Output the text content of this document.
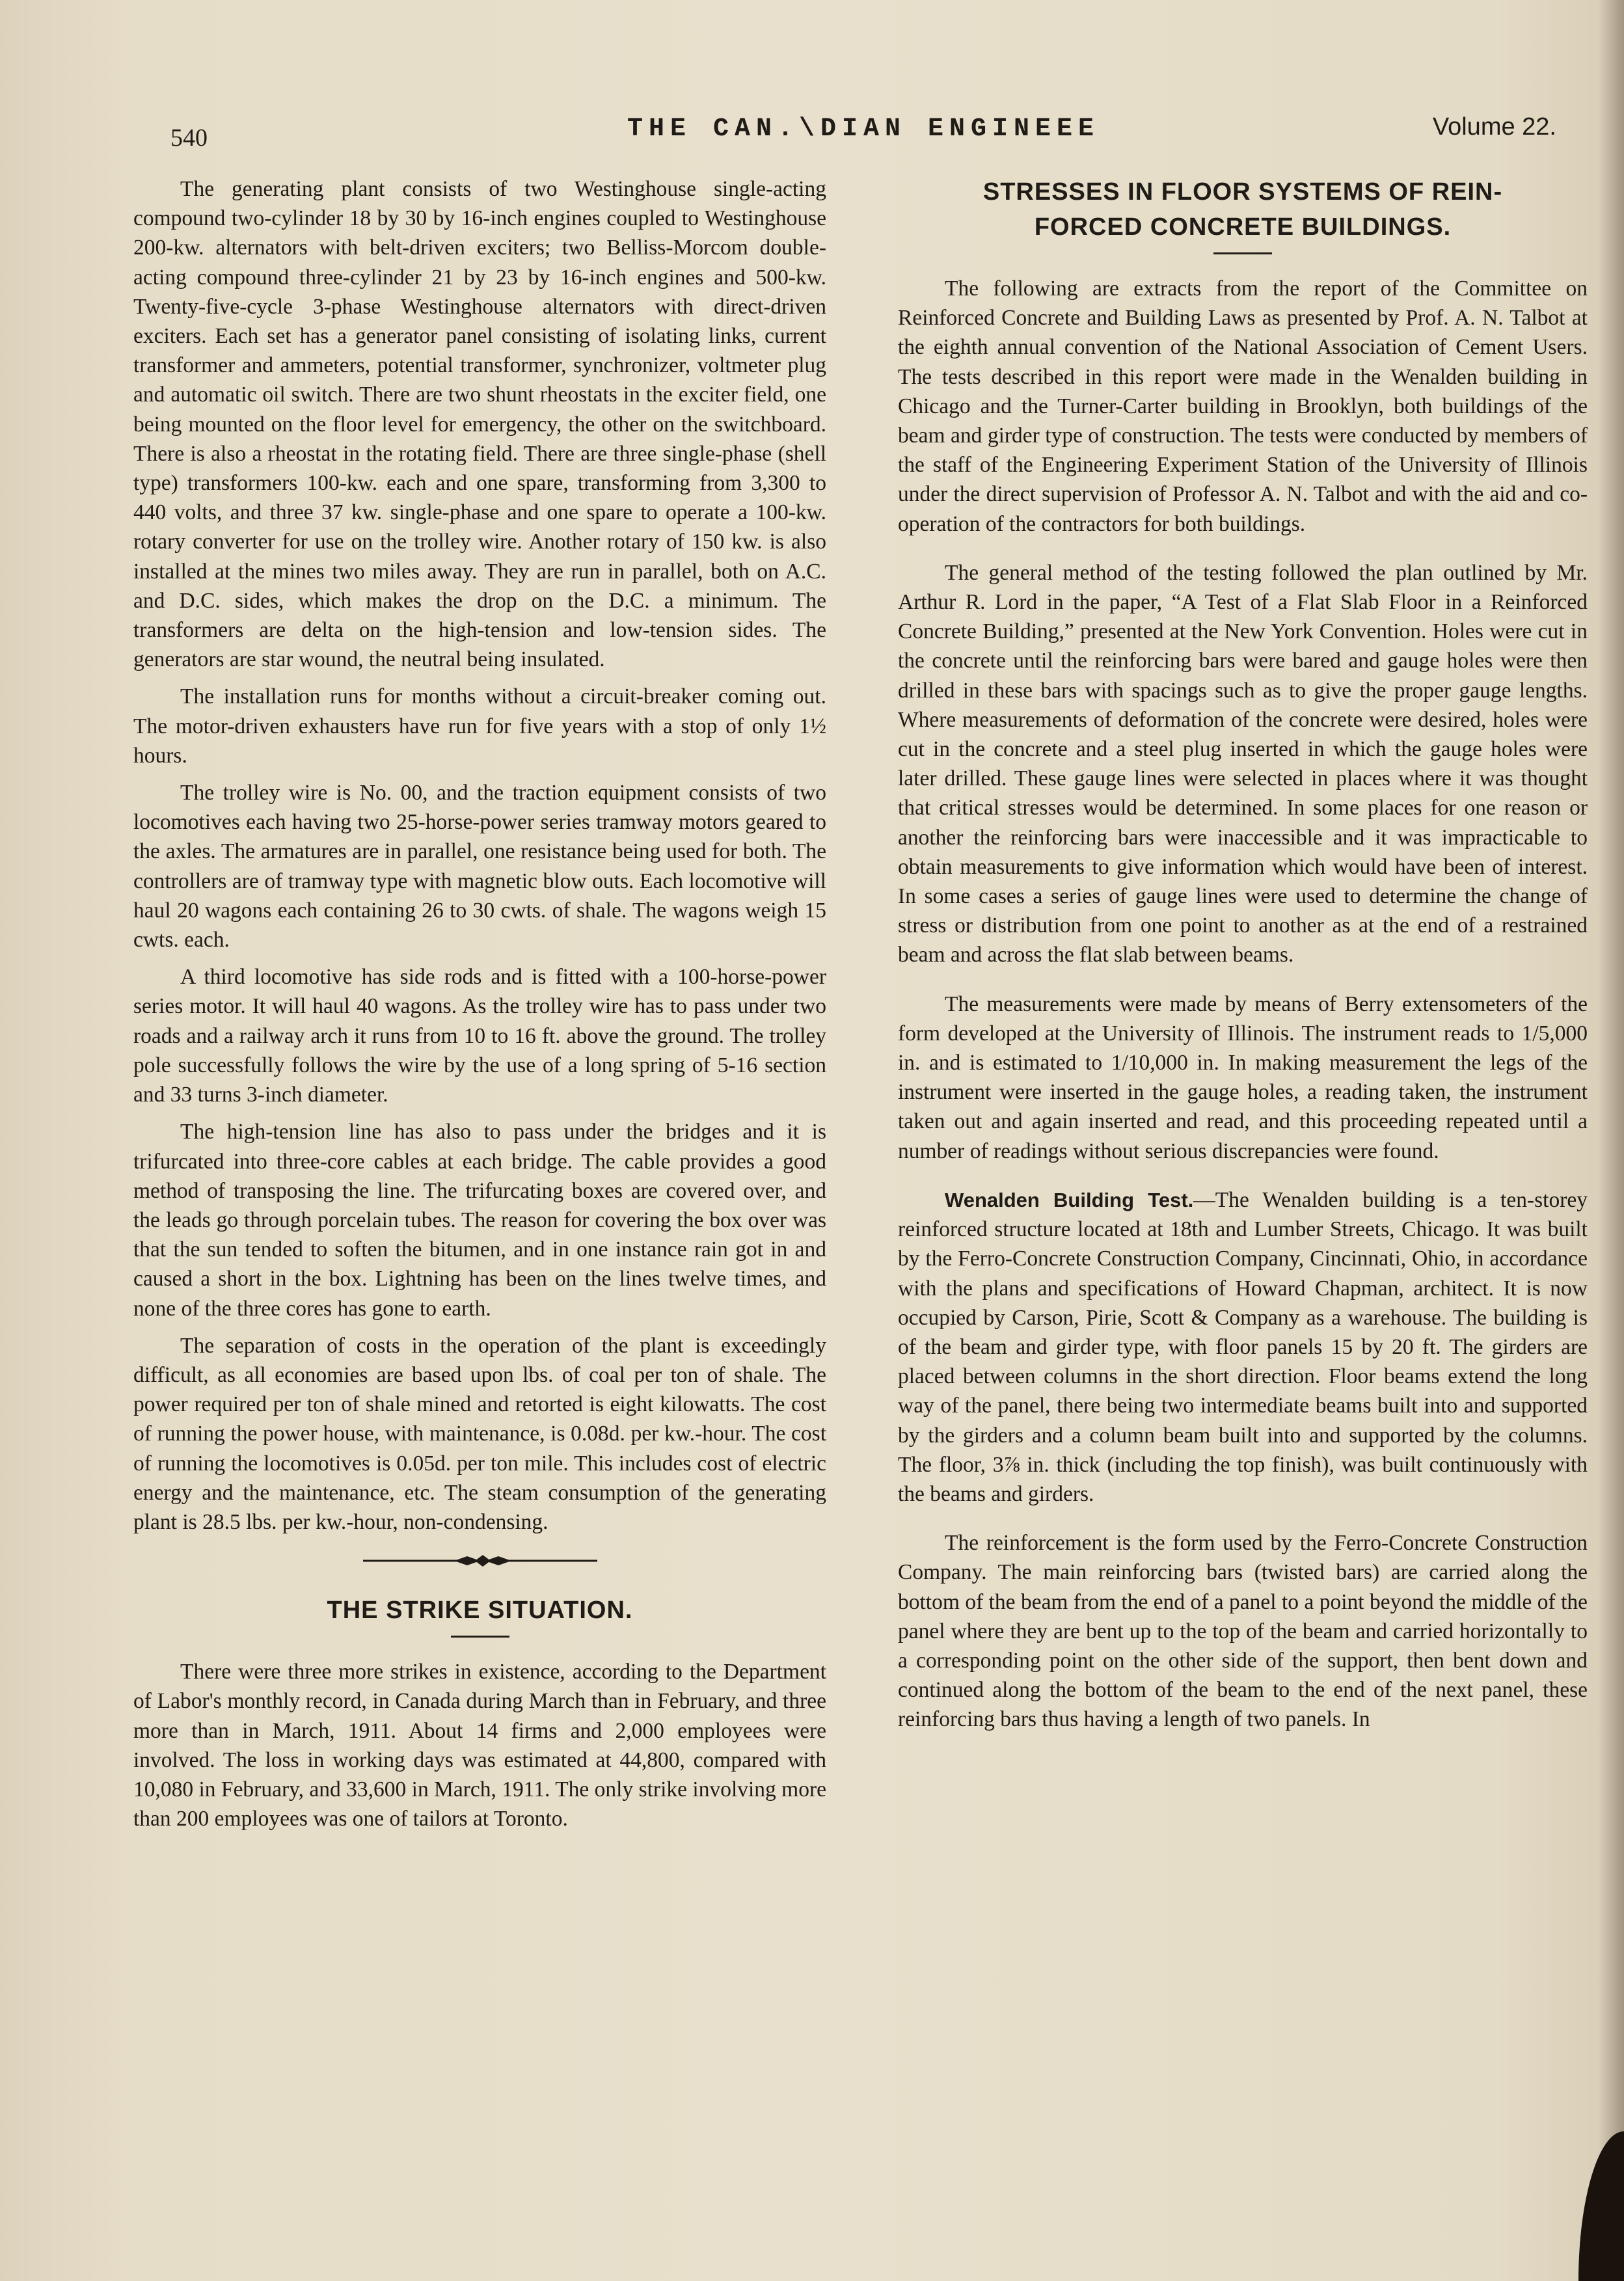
540	THE CAN.\DIAN ENGINEEE	Volume 22.

The generating plant consists of two Westinghouse single-acting compound two-cylinder 18 by 30 by 16-inch engines coupled to Westinghouse 200-kw. alternators with belt-driven exciters; two Belliss-Morcom double-acting compound three-cylinder 21 by 23 by 16-inch engines and 500-kw. Twenty-five-cycle 3-phase Westinghouse alternators with direct-driven exciters. Each set has a generator panel consisting of isolating links, current transformer and ammeters, potential transformer, synchronizer, voltmeter plug and automatic oil switch. There are two shunt rheostats in the exciter field, one being mounted on the floor level for emergency, the other on the switchboard. There is also a rheostat in the rotating field. There are three single-phase (shell type) transformers 100-kw. each and one spare, transforming from 3,300 to 440 volts, and three 37 kw. single-phase and one spare to operate a 100-kw. rotary converter for use on the trolley wire. Another rotary of 150 kw. is also installed at the mines two miles away. They are run in parallel, both on A.C. and D.C. sides, which makes the drop on the D.C. a minimum. The transformers are delta on the high-tension and low-tension sides. The generators are star wound, the neutral being insulated.

The installation runs for months without a circuit-breaker coming out. The motor-driven exhausters have run for five years with a stop of only 1½ hours.

The trolley wire is No. 00, and the traction equipment consists of two locomotives each having two 25-horse-power series tramway motors geared to the axles. The armatures are in parallel, one resistance being used for both. The controllers are of tramway type with magnetic blow outs. Each locomotive will haul 20 wagons each containing 26 to 30 cwts. of shale. The wagons weigh 15 cwts. each.

A third locomotive has side rods and is fitted with a 100-horse-power series motor. It will haul 40 wagons. As the trolley wire has to pass under two roads and a railway arch it runs from 10 to 16 ft. above the ground. The trolley pole successfully follows the wire by the use of a long spring of 5-16 section and 33 turns 3-inch diameter.

The high-tension line has also to pass under the bridges and it is trifurcated into three-core cables at each bridge. The cable provides a good method of transposing the line. The trifurcating boxes are covered over, and the leads go through porcelain tubes. The reason for covering the box over was that the sun tended to soften the bitumen, and in one instance rain got in and caused a short in the box. Lightning has been on the lines twelve times, and none of the three cores has gone to earth.

The separation of costs in the operation of the plant is exceedingly difficult, as all economies are based upon lbs. of coal per ton of shale. The power required per ton of shale mined and retorted is eight kilowatts. The cost of running the power house, with maintenance, is 0.08d. per kw.-hour. The cost of running the locomotives is 0.05d. per ton mile. This includes cost of electric energy and the maintenance, etc. The steam consumption of the generating plant is 28.5 lbs. per kw.-hour, non-condensing.

THE STRIKE SITUATION.

There were three more strikes in existence, according to the Department of Labor's monthly record, in Canada during March than in February, and three more than in March, 1911. About 14 firms and 2,000 employees were involved. The loss in working days was estimated at 44,800, compared with 10,080 in February, and 33,600 in March, 1911. The only strike involving more than 200 employees was one of tailors at Toronto.

STRESSES IN FLOOR SYSTEMS OF REIN-
FORCED CONCRETE BUILDINGS.

The following are extracts from the report of the Committee on Reinforced Concrete and Building Laws as presented by Prof. A. N. Talbot at the eighth annual convention of the National Association of Cement Users. The tests described in this report were made in the Wenalden building in Chicago and the Turner-Carter building in Brooklyn, both buildings of the beam and girder type of construction. The tests were conducted by members of the staff of the Engineering Experiment Station of the University of Illinois under the direct supervision of Professor A. N. Talbot and with the aid and co-operation of the contractors for both buildings.

The general method of the testing followed the plan outlined by Mr. Arthur R. Lord in the paper, “A Test of a Flat Slab Floor in a Reinforced Concrete Building,” presented at the New York Convention. Holes were cut in the concrete until the reinforcing bars were bared and gauge holes were then drilled in these bars with spacings such as to give the proper gauge lengths. Where measurements of deformation of the concrete were desired, holes were cut in the concrete and a steel plug inserted in which the gauge holes were later drilled. These gauge lines were selected in places where it was thought that critical stresses would be determined. In some places for one reason or another the reinforcing bars were inaccessible and it was impracticable to obtain measurements to give information which would have been of interest. In some cases a series of gauge lines were used to determine the change of stress or distribution from one point to another as at the end of a restrained beam and across the flat slab between beams.

The measurements were made by means of Berry extensometers of the form developed at the University of Illinois. The instrument reads to 1/5,000 in. and is estimated to 1/10,000 in. In making measurement the legs of the instrument were inserted in the gauge holes, a reading taken, the instrument taken out and again inserted and read, and this proceeding repeated until a number of readings without serious discrepancies were found.

Wenalden Building Test.—The Wenalden building is a ten-storey reinforced structure located at 18th and Lumber Streets, Chicago. It was built by the Ferro-Concrete Construction Company, Cincinnati, Ohio, in accordance with the plans and specifications of Howard Chapman, architect. It is now occupied by Carson, Pirie, Scott & Company as a warehouse. The building is of the beam and girder type, with floor panels 15 by 20 ft. The girders are placed between columns in the short direction. Floor beams extend the long way of the panel, there being two intermediate beams built into and supported by the girders and a column beam built into and supported by the columns. The floor, 3⅞ in. thick (including the top finish), was built continuously with the beams and girders.

The reinforcement is the form used by the Ferro-Concrete Construction Company. The main reinforcing bars (twisted bars) are carried along the bottom of the beam from the end of a panel to a point beyond the middle of the panel where they are bent up to the top of the beam and carried horizontally to a corresponding point on the other side of the support, then bent down and continued along the bottom of the beam to the end of the next panel, these reinforcing bars thus having a length of two panels. In
